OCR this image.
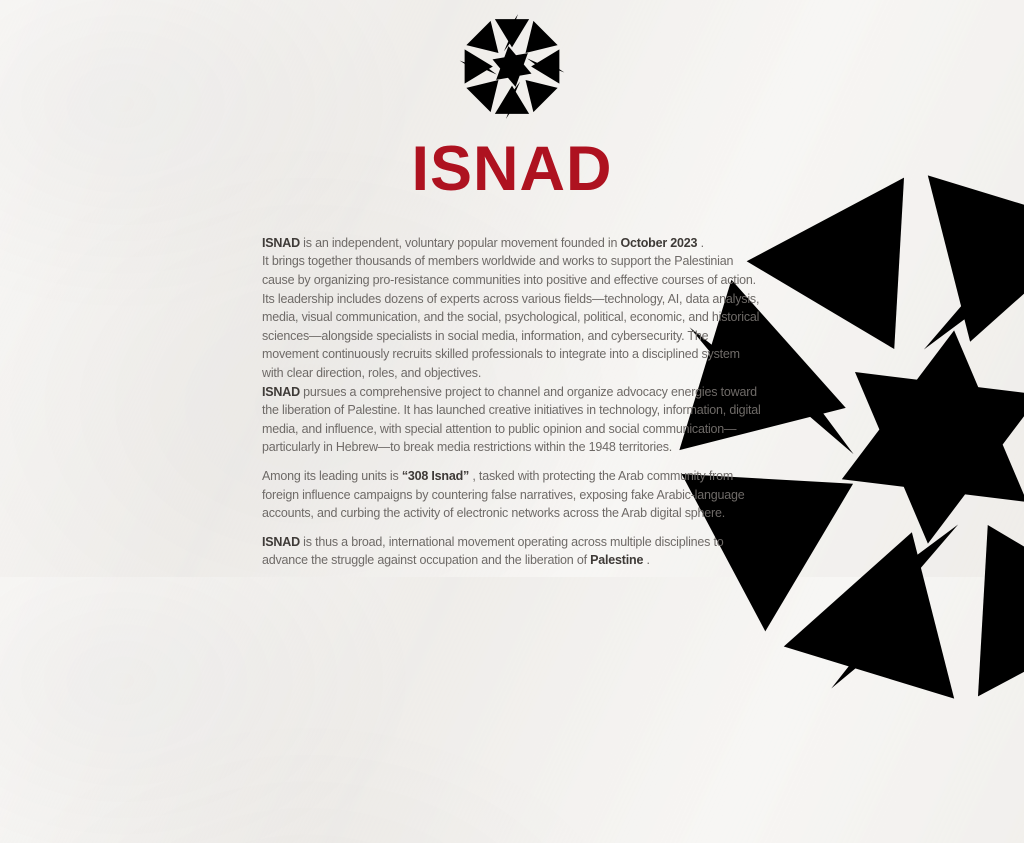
ISNAD

ISNAD is an independent, voluntary popular movement founded in October 2023 .

It brings together thousands of members worldwide and works to support the Palestinian cause by organizing pro-resistance communities into positive and effective courses of action.

Its leadership includes dozens of experts across various fields—technology, AI, data analysis, media, visual communication, and the social, psychological, political, economic, and historical sciences—alongside specialists in social media, information, and cybersecurity. The movement continuously recruits skilled professionals to integrate into a disciplined system with clear direction, roles, and objectives.

ISNAD pursues a comprehensive project to channel and organize advocacy energies toward the liberation of Palestine. It has launched creative initiatives in technology, information, digital media, and influence, with special attention to public opinion and social communication—particularly in Hebrew—to break media restrictions within the 1948 territories.

Among its leading units is “308 Isnad” , tasked with protecting the Arab community from foreign influence campaigns by countering false narratives, exposing fake Arabic-language accounts, and curbing the activity of electronic networks across the Arab digital sphere.

ISNAD is thus a broad, international movement operating across multiple disciplines to advance the struggle against occupation and the liberation of Palestine .
